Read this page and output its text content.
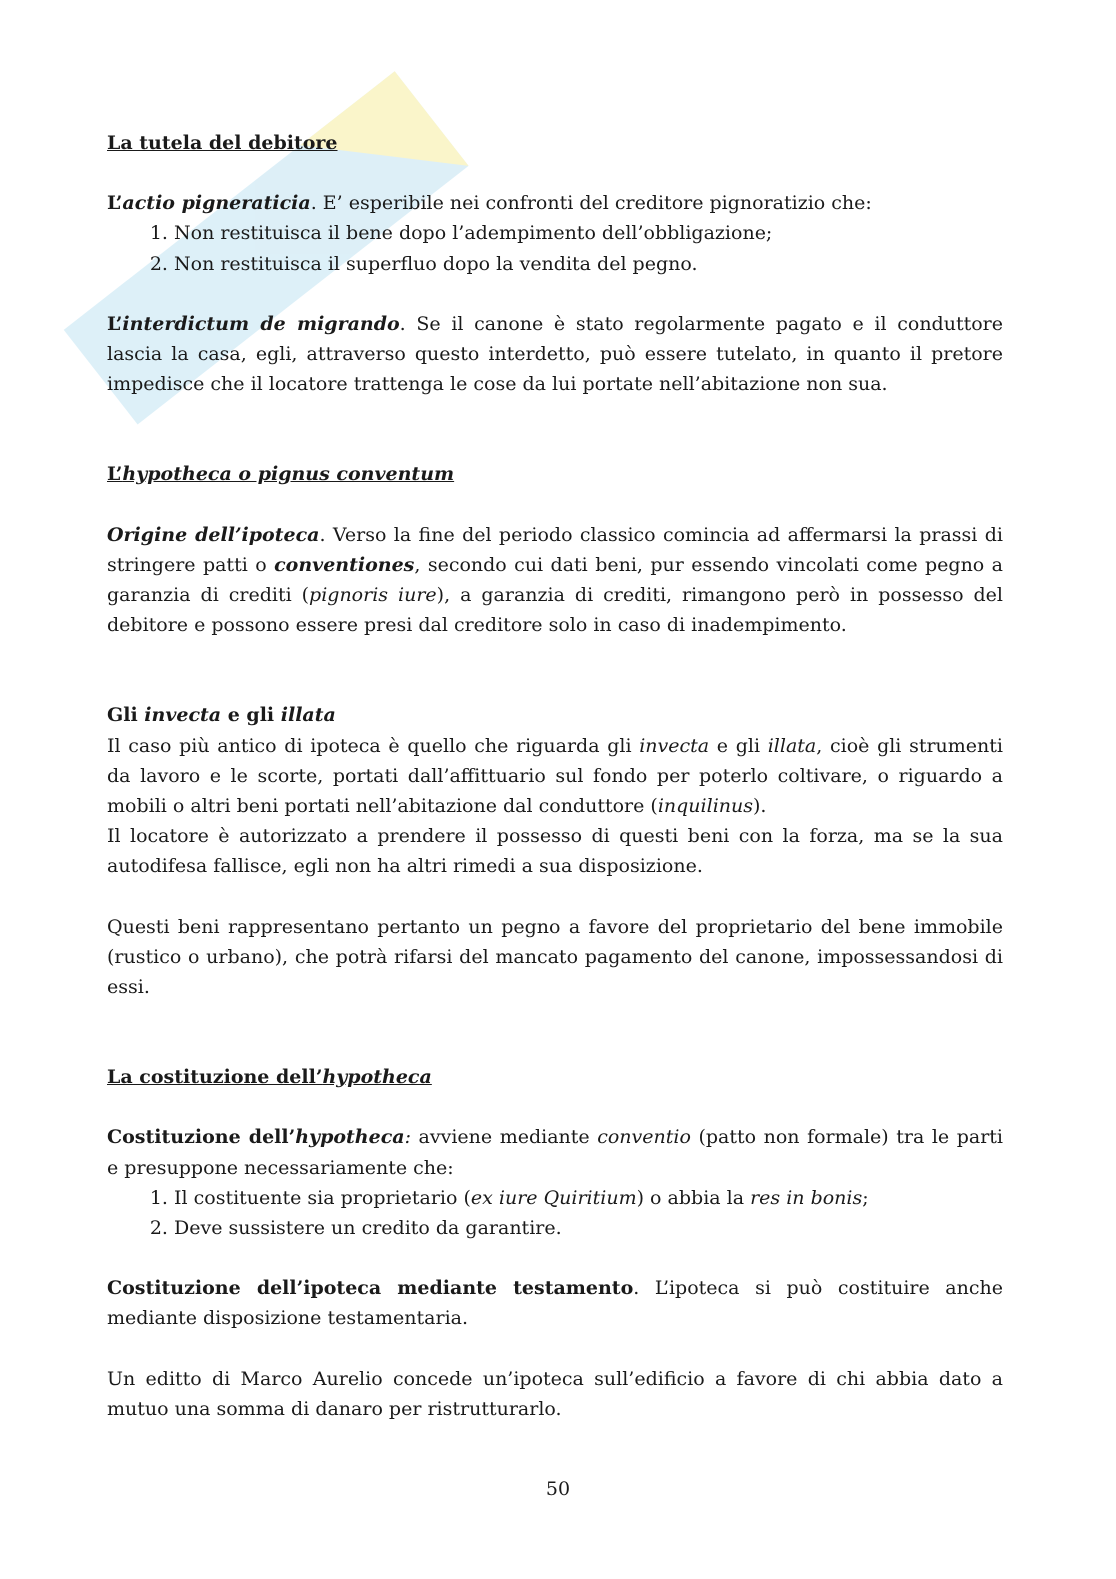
La tutela del debitore

L’actio pigneraticia. E’ esperibile nei confronti del creditore pignoratizio che:

1. Non restituisca il bene dopo l’adempimento dell’obbligazione;
2. Non restituisca il superfluo dopo la vendita del pegno.

L’interdictum de migrando. Se il canone è stato regolarmente pagato e il conduttore lascia la casa, egli, attraverso questo interdetto, può essere tutelato, in quanto il pretore impedisce che il locatore trattenga le cose da lui portate nell’abitazione non sua.

L’hypotheca o pignus conventum

Origine dell’ipoteca. Verso la fine del periodo classico comincia ad affermarsi la prassi di stringere patti o conventiones, secondo cui dati beni, pur essendo vincolati come pegno a garanzia di crediti (pignoris iure), a garanzia di crediti, rimangono però in possesso del debitore e possono essere presi dal creditore solo in caso di inadempimento.

Gli invecta e gli illata

Il caso più antico di ipoteca è quello che riguarda gli invecta e gli illata, cioè gli strumenti da lavoro e le scorte, portati dall’affittuario sul fondo per poterlo coltivare, o riguardo a mobili o altri beni portati nell’abitazione dal conduttore (inquilinus).

Il locatore è autorizzato a prendere il possesso di questi beni con la forza, ma se la sua autodifesa fallisce, egli non ha altri rimedi a sua disposizione.

Questi beni rappresentano pertanto un pegno a favore del proprietario del bene immobile (rustico o urbano), che potrà rifarsi del mancato pagamento del canone, impossessandosi di essi.

La costituzione dell’hypotheca

Costituzione dell’hypotheca: avviene mediante conventio (patto non formale) tra le parti e presuppone necessariamente che:

1. Il costituente sia proprietario (ex iure Quiritium) o abbia la res in bonis;
2. Deve sussistere un credito da garantire.

Costituzione dell’ipoteca mediante testamento. L’ipoteca si può costituire anche mediante disposizione testamentaria.

Un editto di Marco Aurelio concede un’ipoteca sull’edificio a favore di chi abbia dato a mutuo una somma di danaro per ristrutturarlo.

50
